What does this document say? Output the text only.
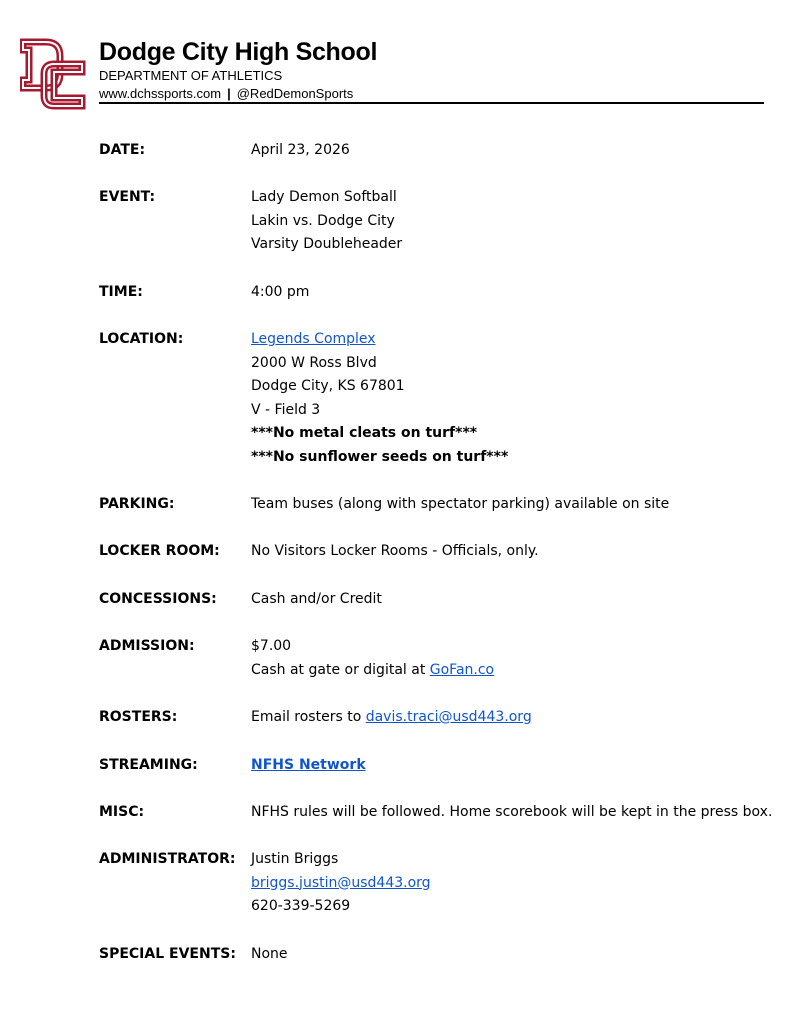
Dodge City High School
DEPARTMENT OF ATHLETICS
www.dchssports.com | @RedDemonSports
DATE:	April 23, 2026
EVENT:	Lady Demon Softball
Lakin vs. Dodge City
Varsity Doubleheader
TIME:	4:00 pm
LOCATION:	Legends Complex
2000 W Ross Blvd
Dodge City, KS 67801
V - Field 3
***No metal cleats on turf***
***No sunflower seeds on turf***
PARKING:	Team buses (along with spectator parking) available on site
LOCKER ROOM: No Visitors Locker Rooms - Officials, only.
CONCESSIONS: Cash and/or Credit
ADMISSION:	$7.00
Cash at gate or digital at GoFan.co
ROSTERS:	Email rosters to davis.traci@usd443.org
STREAMING:	NFHS Network
MISC:	NFHS rules will be followed. Home scorebook will be kept in the press box.
ADMINISTRATOR: Justin Briggs
briggs.justin@usd443.org
620-339-5269
SPECIAL EVENTS: None
